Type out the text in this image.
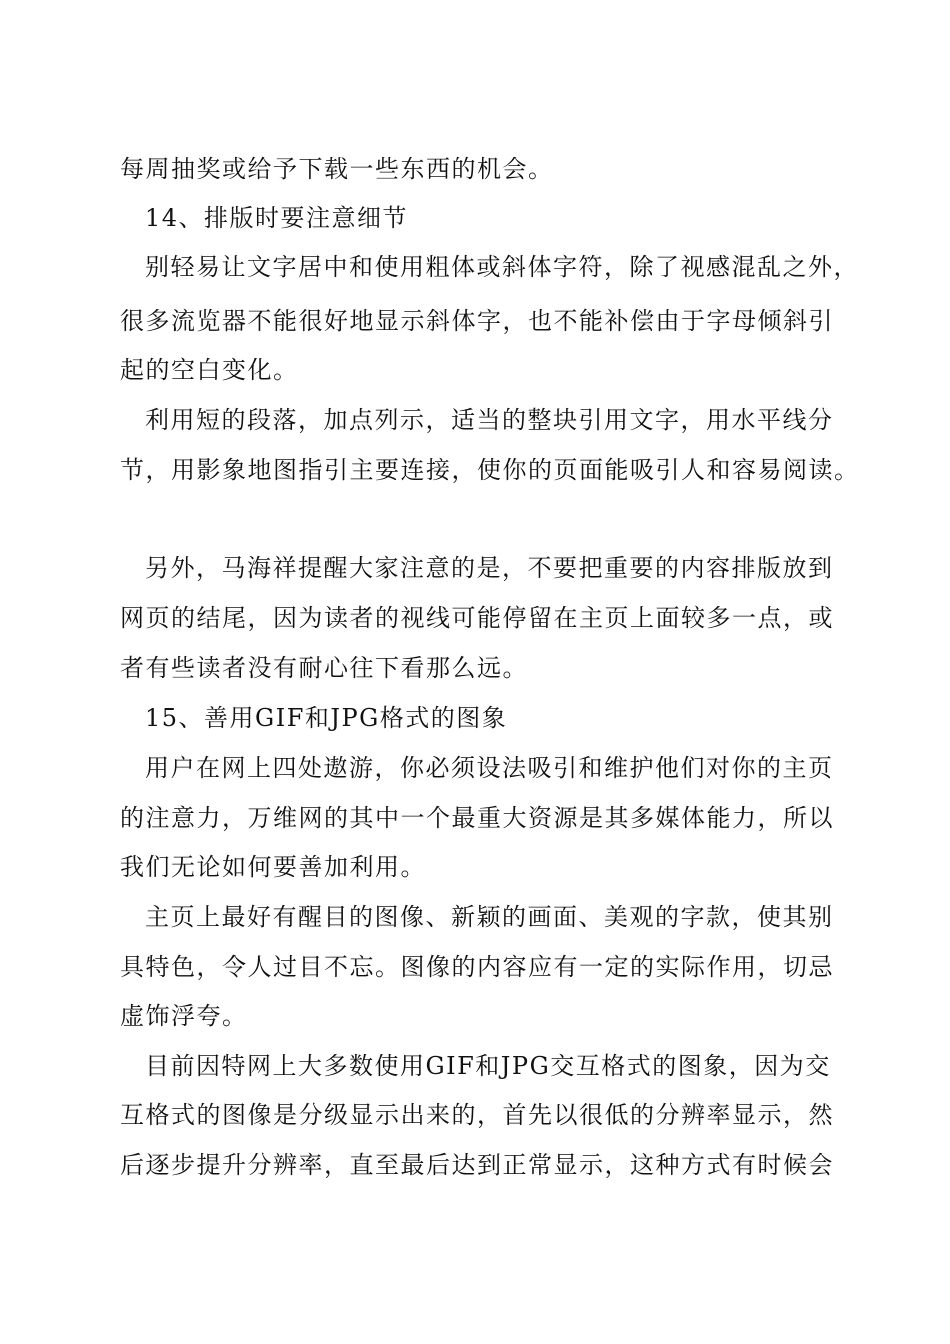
每周抽奖或给予下载一些东西的机会。
14、排版时要注意细节
别轻易让文字居中和使用粗体或斜体字符，除了视感混乱之外，
很多流览器不能很好地显示斜体字，也不能补偿由于字母倾斜引
起的空白变化。
利用短的段落，加点列示，适当的整块引用文字，用水平线分
节，用影象地图指引主要连接，使你的页面能吸引人和容易阅读。
另外，马海祥提醒大家注意的是，不要把重要的内容排版放到
网页的结尾，因为读者的视线可能停留在主页上面较多一点，或
者有些读者没有耐心往下看那么远。
15、善用GIF和JPG格式的图象
用户在网上四处遨游，你必须设法吸引和维护他们对你的主页
的注意力，万维网的其中一个最重大资源是其多媒体能力，所以
我们无论如何要善加利用。
主页上最好有醒目的图像、新颖的画面、美观的字款，使其别
具特色，令人过目不忘。图像的内容应有一定的实际作用，切忌
虚饰浮夸。
目前因特网上大多数使用GIF和JPG交互格式的图象，因为交
互格式的图像是分级显示出来的，首先以很低的分辨率显示，然
后逐步提升分辨率，直至最后达到正常显示，这种方式有时候会
